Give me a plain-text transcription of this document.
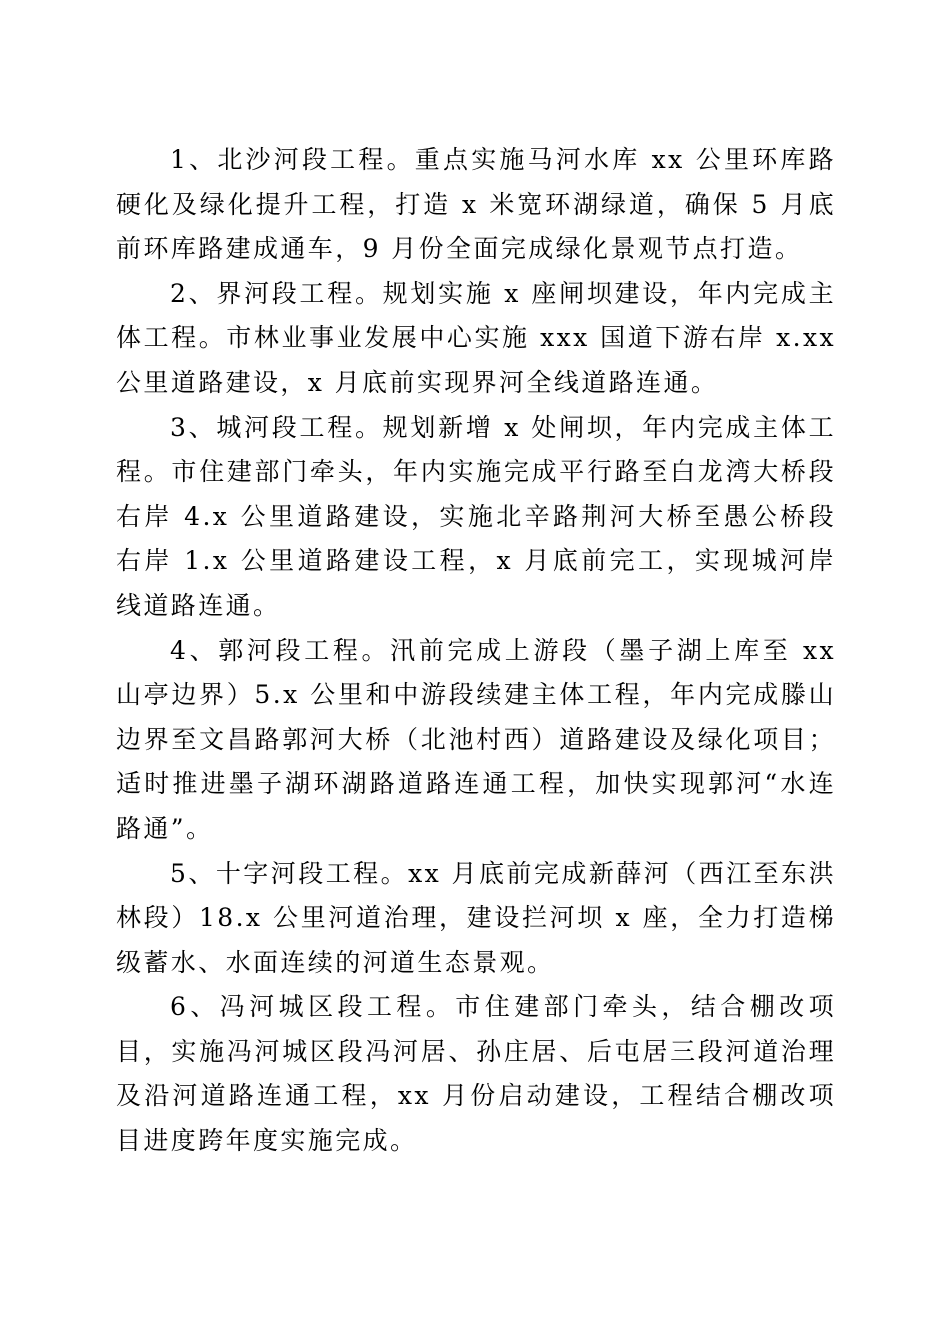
1、北沙河段工程。重点实施马河水库 xx 公里环库路硬化及绿化提升工程，打造 x 米宽环湖绿道，确保 5 月底前环库路建成通车，9 月份全面完成绿化景观节点打造。

2、界河段工程。规划实施 x 座闸坝建设，年内完成主体工程。市林业事业发展中心实施 xxx 国道下游右岸 x.xx 公里道路建设，x 月底前实现界河全线道路连通。

3、城河段工程。规划新增 x 处闸坝，年内完成主体工程。市住建部门牵头，年内实施完成平行路至白龙湾大桥段右岸 4.x 公里道路建设，实施北辛路荆河大桥至愚公桥段右岸 1.x 公里道路建设工程，x 月底前完工，实现城河岸线道路连通。

4、郭河段工程。汛前完成上游段（墨子湖上库至 xx 山亭边界）5.x 公里和中游段续建主体工程，年内完成滕山边界至文昌路郭河大桥（北池村西）道路建设及绿化项目；适时推进墨子湖环湖路道路连通工程，加快实现郭河“水连路通”。

5、十字河段工程。xx 月底前完成新薛河（西江至东洪林段）18.x 公里河道治理，建设拦河坝 x 座，全力打造梯级蓄水、水面连续的河道生态景观。

6、冯河城区段工程。市住建部门牵头，结合棚改项目，实施冯河城区段冯河居、孙庄居、后屯居三段河道治理及沿河道路连通工程，xx 月份启动建设，工程结合棚改项目进度跨年度实施完成。
